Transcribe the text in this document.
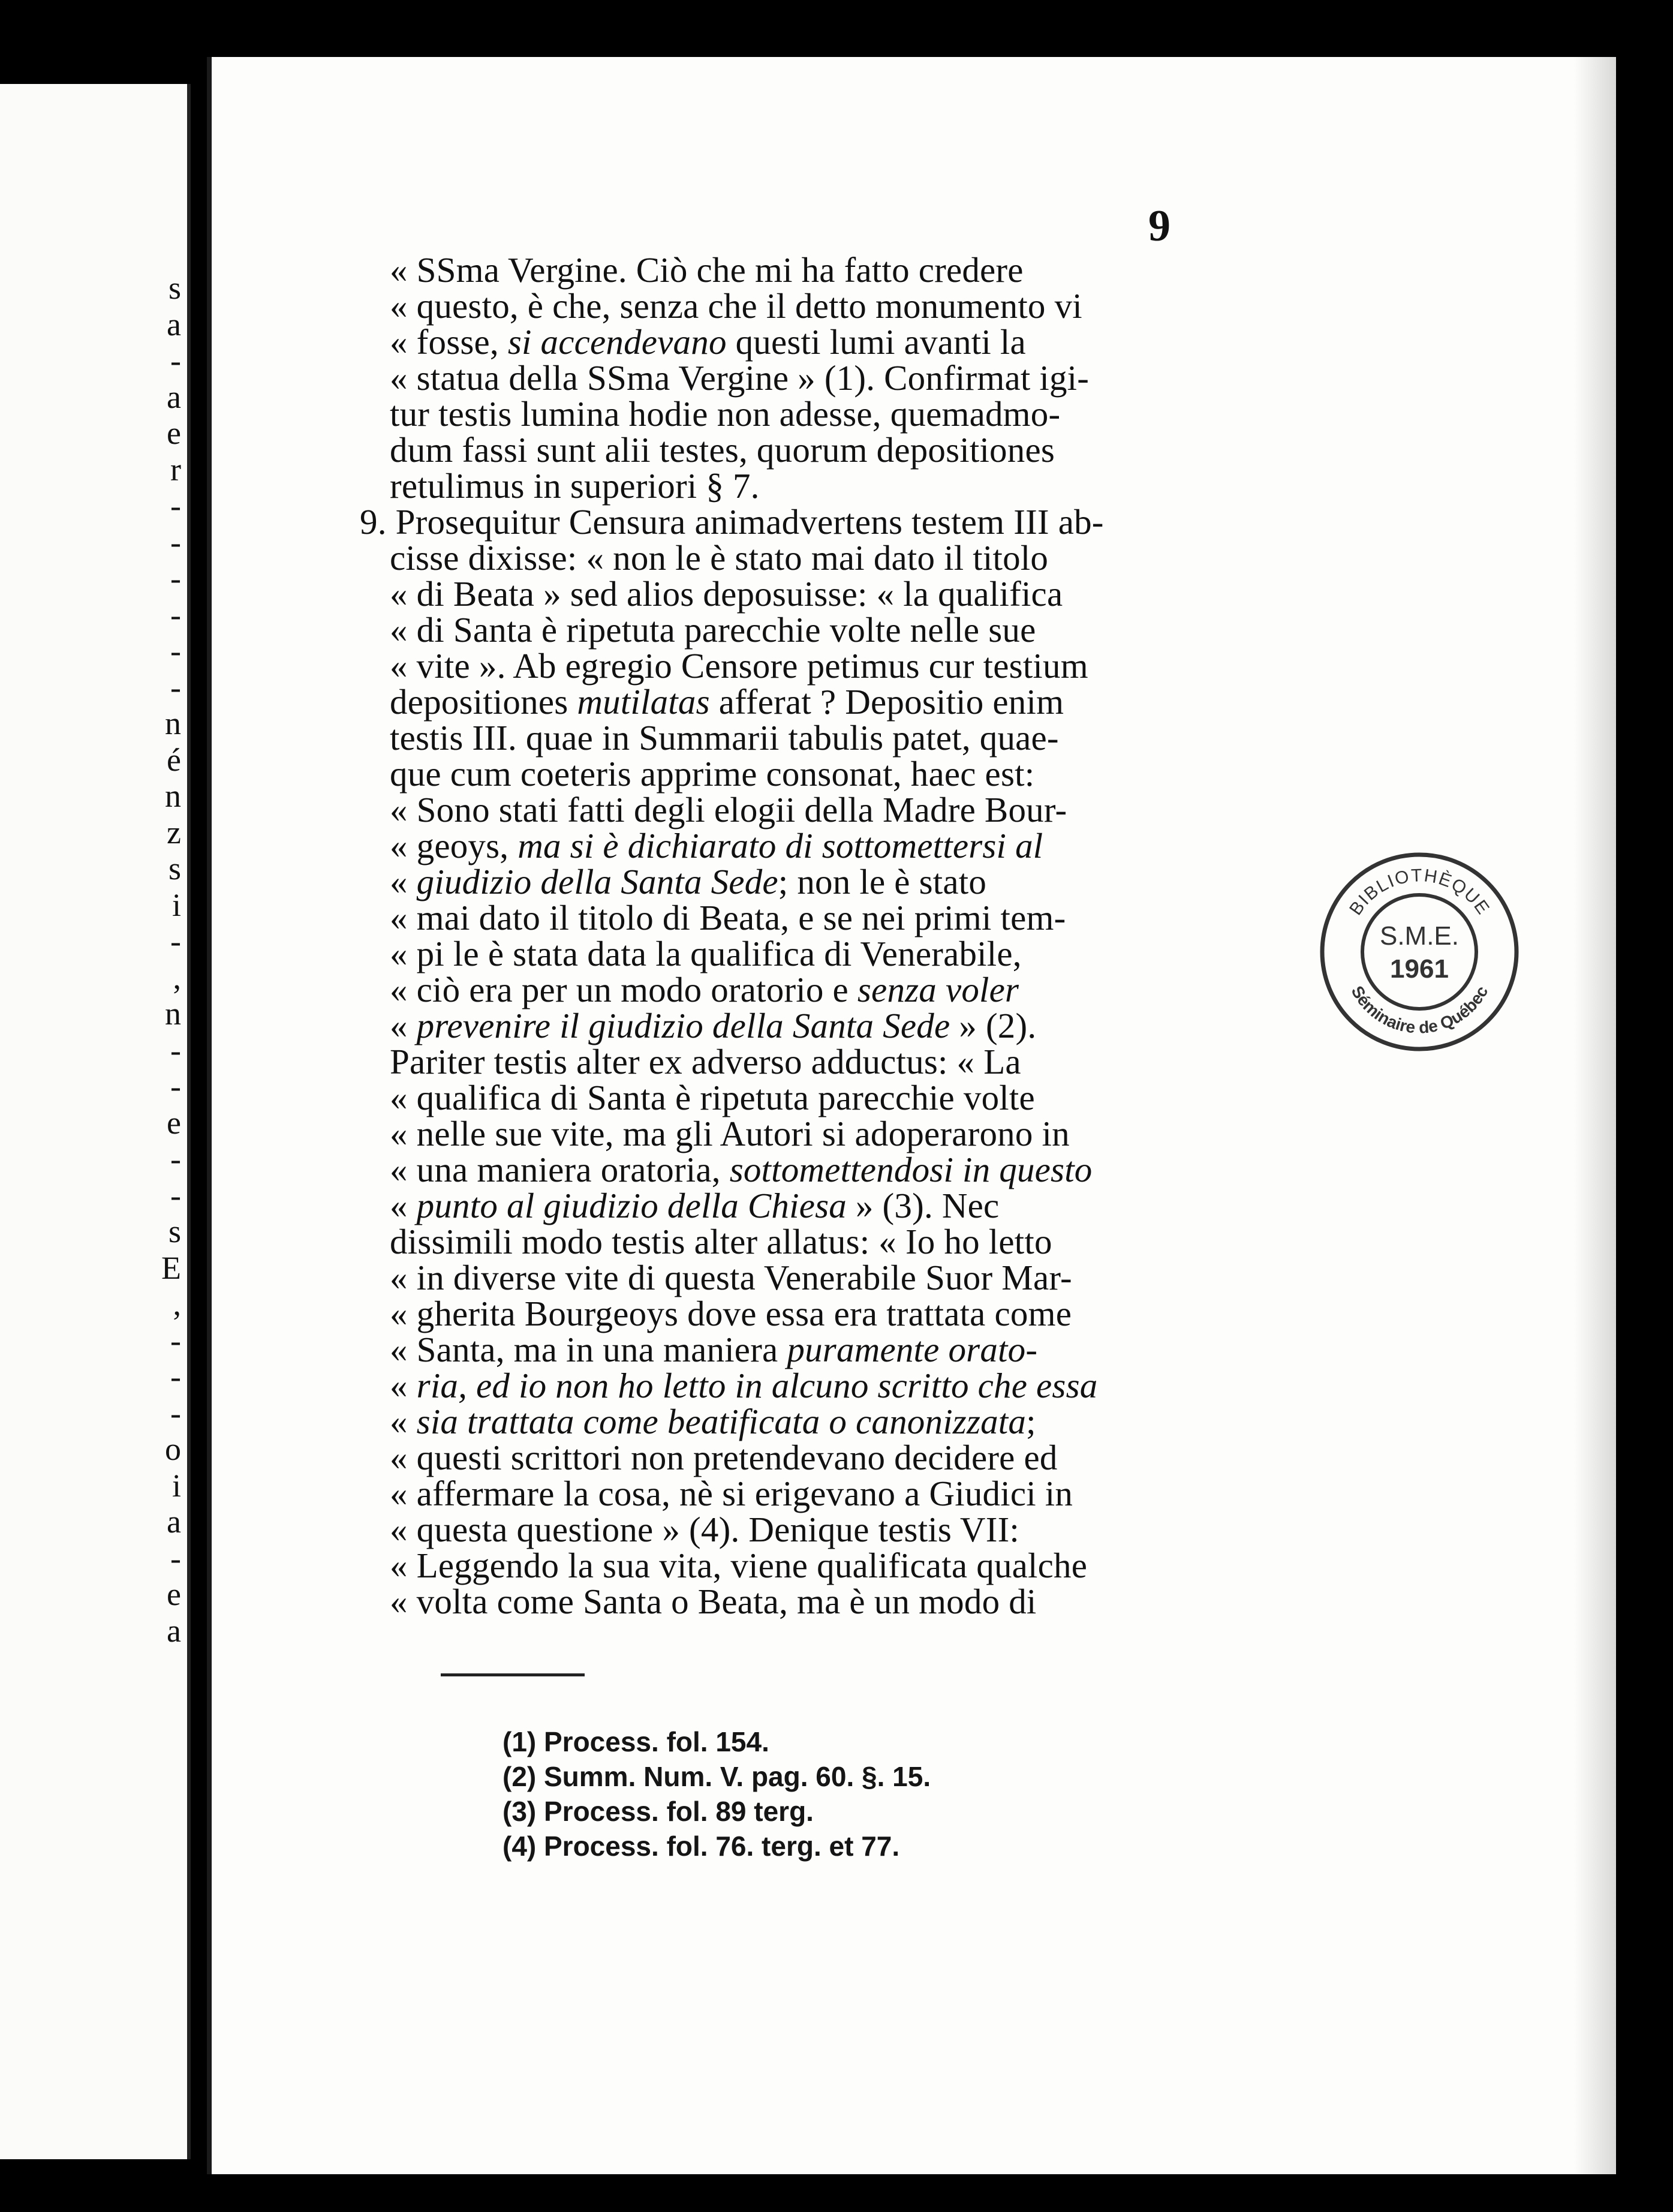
s
a
-
a
e
r
-
-
-
-
-
-
n
é
n
z
s
i
-
,
n
-
-
e
-
-
s
E
,
-
-
-
o
i
a
-
e
a
9
« SSma Vergine. Ciò che mi ha fatto credere
« questo, è che, senza che il detto monumento vi
« fosse, si accendevano questi lumi avanti la
« statua della SSma Vergine » (1). Confirmat igi-
tur testis lumina hodie non adesse, quemadmo-
dum fassi sunt alii testes, quorum depositiones
retulimus in superiori § 7.
9. Prosequitur Censura animadvertens testem III ab-
cisse dixisse: « non le è stato mai dato il titolo
« di Beata » sed alios deposuisse: « la qualifica
« di Santa è ripetuta parecchie volte nelle sue
« vite ». Ab egregio Censore petimus cur testium
depositiones mutilatas afferat ? Depositio enim
testis III. quae in Summarii tabulis patet, quae-
que cum coeteris apprime consonat, haec est:
« Sono stati fatti degli elogii della Madre Bour-
« geoys, ma si è dichiarato di sottomettersi al
« giudizio della Santa Sede; non le è stato
« mai dato il titolo di Beata, e se nei primi tem-
« pi le è stata data la qualifica di Venerabile,
« ciò era per un modo oratorio e senza voler
« prevenire il giudizio della Santa Sede » (2).
Pariter testis alter ex adverso adductus: « La
« qualifica di Santa è ripetuta parecchie volte
« nelle sue vite, ma gli Autori si adoperarono in
« una maniera oratoria, sottomettendosi in questo
« punto al giudizio della Chiesa » (3). Nec
dissimili modo testis alter allatus: « Io ho letto
« in diverse vite di questa Venerabile Suor Mar-
« gherita Bourgeoys dove essa era trattata come
« Santa, ma in una maniera puramente orato-
« ria, ed io non ho letto in alcuno scritto che essa
« sia trattata come beatificata o canonizzata;
« questi scrittori non pretendevano decidere ed
« affermare la cosa, nè si erigevano a Giudici in
« questa questione » (4). Denique testis VII:
« Leggendo la sua vita, viene qualificata qualche
« volta come Santa o Beata, ma è un modo di
(1) Process. fol. 154.
(2) Summ. Num. V. pag. 60. §. 15.
(3) Process. fol. 89 terg.
(4) Process. fol. 76. terg. et 77.
BIBLIOTHÈQUE
Séminaire de Québec
S.M.E.
1961
